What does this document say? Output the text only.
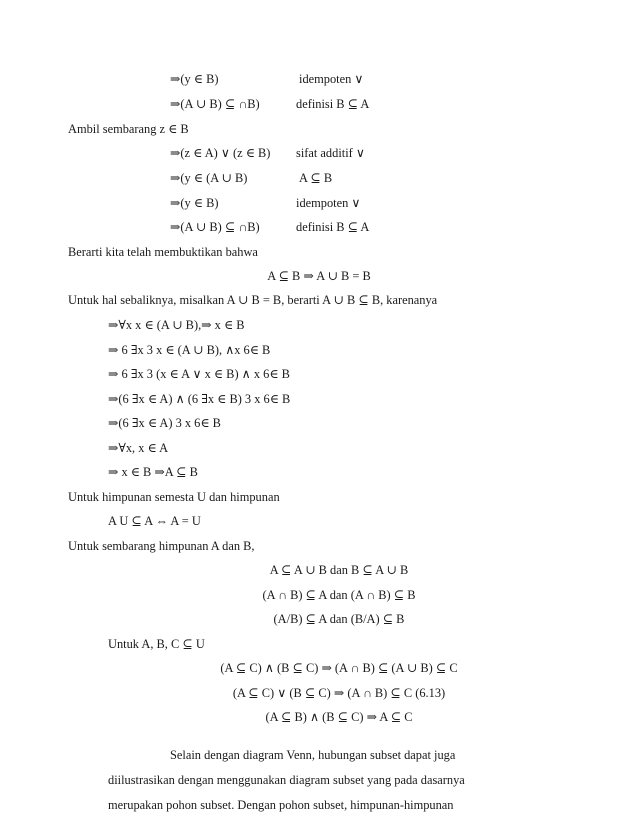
⇒(y ∈ B)	idempoten ∨
⇒(A ∪ B) ⊆ ∩B)	definisi B ⊆ A
Ambil sembarang z ∈ B
⇒(z ∈ A) ∨ (z ∈ B) sifat additif ∨
⇒(y ∈ (A ∪ B)	A ⊆ B
⇒(y ∈ B)	idempoten ∨
⇒(A ∪ B) ⊆ ∩B)	definisi B ⊆ A
Berarti kita telah membuktikan bahwa
A ⊆ B ⇒ A ∪ B = B
Untuk hal sebaliknya, misalkan A ∪ B = B, berarti A ∪ B ⊆ B, karenanya
⇒∀x x ∈ (A ∪ B),⇒ x ∈ B
⇒ 6 ∃x 3 x ∈ (A ∪ B), ∧x 6∈ B
⇒ 6 ∃x 3 (x ∈ A ∨ x ∈ B) ∧ x 6∈ B
⇒(6 ∃x ∈ A) ∧ (6 ∃x ∈ B) 3 x 6∈ B
⇒(6 ∃x ∈ A) 3 x 6∈ B
⇒∀x, x ∈ A
⇒ x ∈ B ⇒A ⊆ B
Untuk himpunan semesta U dan himpunan
A U ⊆ A ⇔ A = U
Untuk sembarang himpunan A dan B,
A ⊆ A ∪ B dan B ⊆ A ∪ B
(A ∩ B) ⊆ A dan (A ∩ B) ⊆ B
(A/B) ⊆ A dan (B/A) ⊆ B
Untuk A, B, C ⊆ U
(A ⊆ C) ∧ (B ⊆ C) ⇒ (A ∩ B) ⊆ (A ∪ B) ⊆ C
(A ⊆ C) ∨ (B ⊆ C) ⇒ (A ∩ B) ⊆ C (6.13)
(A ⊆ B) ∧ (B ⊆ C) ⇒ A ⊆ C
Selain dengan diagram Venn, hubungan subset dapat juga
diilustrasikan dengan menggunakan diagram subset yang pada dasarnya
merupakan pohon subset. Dengan pohon subset, himpunan-himpunan
